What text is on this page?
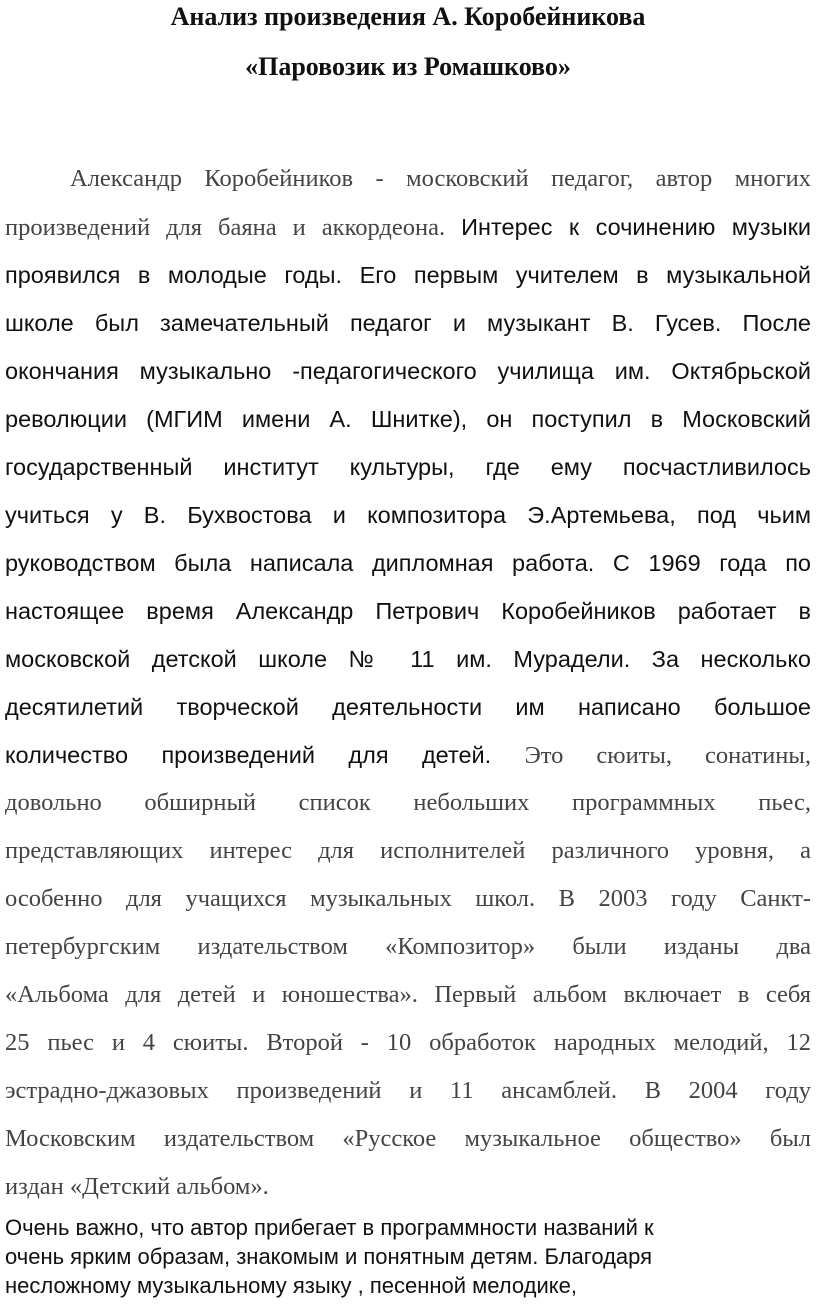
Анализ произведения А. Коробейникова
«Паровозик из Ромашково»
Александр Коробейников - московский педагог, автор многих
произведений для баяна и аккордеона. Интерес к сочинению музыки
проявился в молодые годы. Его первым учителем в музыкальной
школе был замечательный педагог и музыкант В. Гусев. После
окончания музыкально -педагогического училища им. Октябрьской
революции (МГИМ имени А. Шнитке), он поступил в Московский
государственный институт культуры, где ему посчастливилось
учиться у В. Бухвостова и композитора Э.Артемьева, под чьим
руководством была написала дипломная работа. С 1969 года по
настоящее время Александр Петрович Коробейников работает в
московской детской школе № 11 им. Мурадели. За несколько
десятилетий творческой деятельности им написано большое
количество произведений для детей. Это сюиты, сонатины,
довольно обширный список небольших программных пьес,
представляющих интерес для исполнителей различного уровня, а
особенно для учащихся музыкальных школ. В 2003 году Санкт-
петербургским издательством «Композитор» были изданы два
«Альбома для детей и юношества». Первый альбом включает в себя
25 пьес и 4 сюиты. Второй - 10 обработок народных мелодий, 12
эстрадно-джазовых произведений и 11 ансамблей. В 2004 году
Московским издательством «Русское музыкальное общество» был
издан «Детский альбом».
Очень важно, что автор прибегает в программности названий к
очень ярким образам, знакомым и понятным детям. Благодаря
несложному музыкальному языку , песенной мелодике,
